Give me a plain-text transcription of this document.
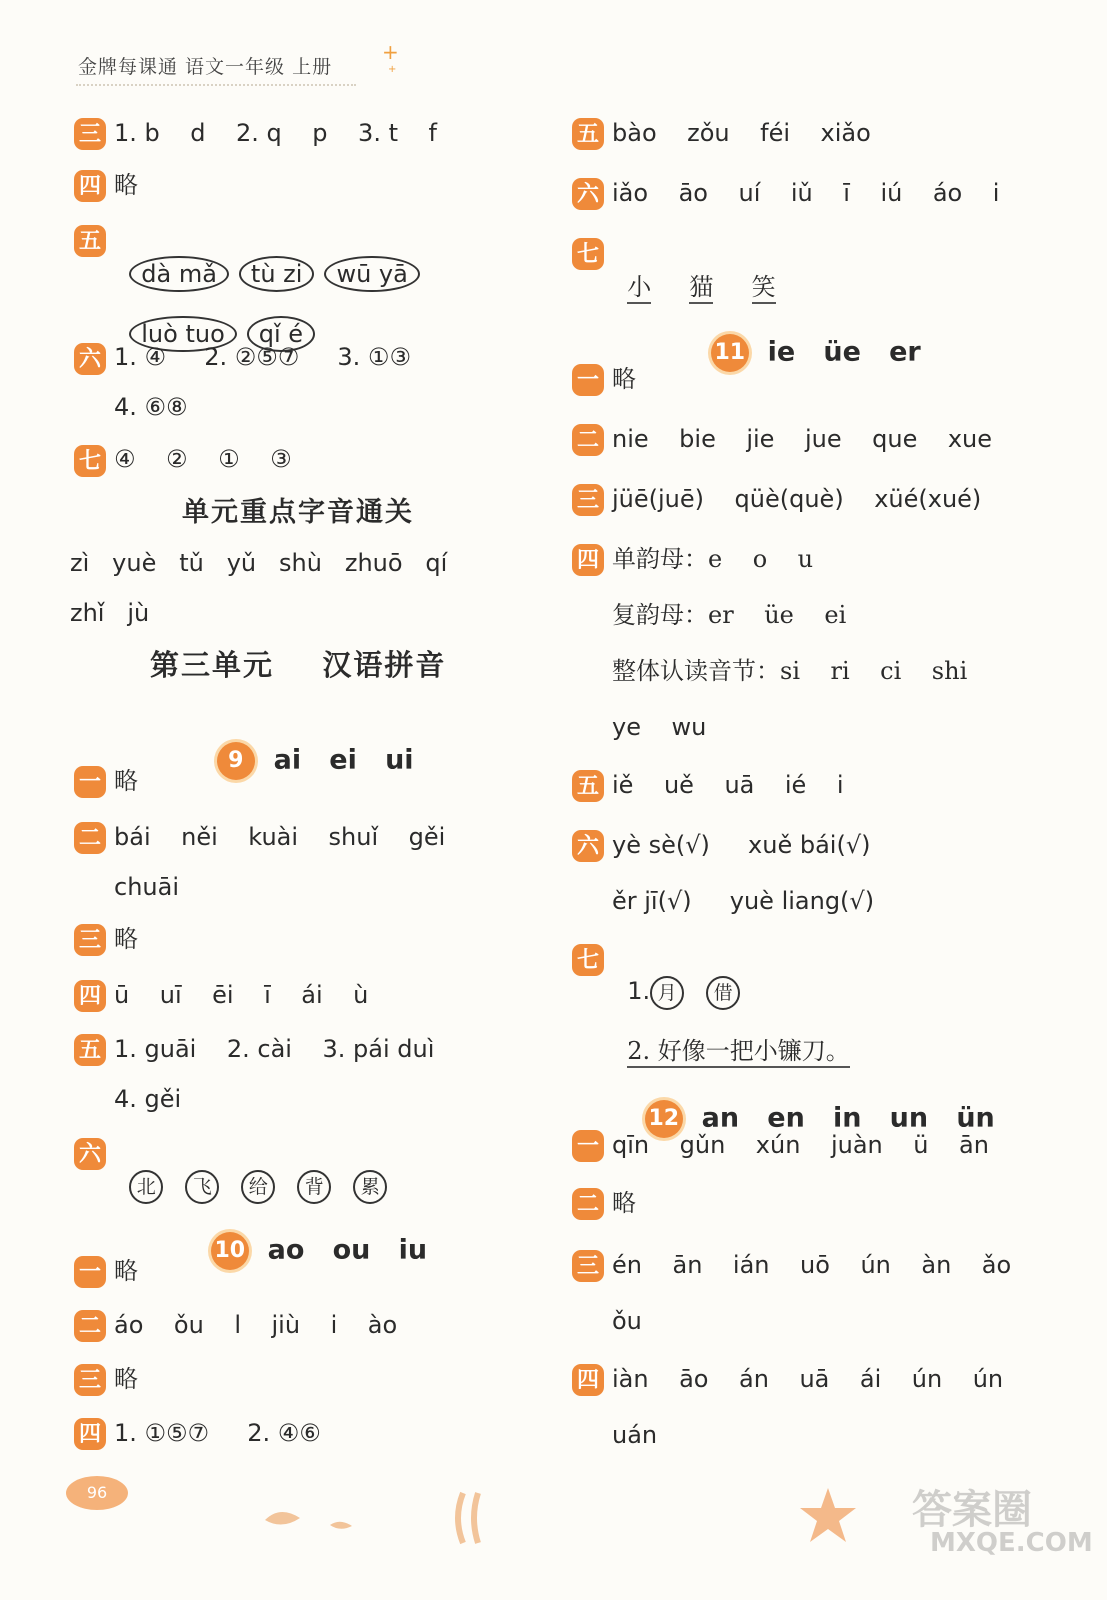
金牌每课通 语文一年级 上册
+
+
三 1. b    d    2. q    p    3. t    f
四 略
五

dà mǎ tù zi wū yā

luò tuo qǐ é

六 1. ④     2. ②⑤⑦     3. ①③
4. ⑥⑧
七 ④    ②    ①    ③
单元重点字音通关
zì   yuè   tǔ   yǔ   shù   zhuō   qí
zhǐ   jù
第三单元    汉语拼音

9 ai   ei   ui

一 略
二 bái    něi    kuài    shuǐ    gěi
chuāi
三 略
四 ū    uī    ēi    ī    ái    ù
五 1. guāi    2. cài    3. pái duì
4. gěi
六

北 飞 给 背 累

10 ao   ou   iu

一 略
二 áo    ǒu    l    jiù    i    ào
三 略
四 1. ①⑤⑦     2. ④⑥
五 bào    zǒu    féi    xiǎo
六 iǎo    āo    uí    iǔ    ī    iú    áo    i
七

小 猫 笑

11 ie   üe   er

一 略
二 nie    bie    jie    jue    que    xue
三 jüē(juē)    qüè(què)    xüé(xué)
四 单韵母：e    o    u
复韵母：er    üe    ei
整体认读音节：si    ri    ci    shi
ye    wu
五 iě    uě    uā    ié    i
六 yè sè(√)     xuě bái(√)
ěr jī(√)     yuè liang(√)
七

1. 月 借

2. 好像一把小镰刀。

12 an   en   in   un   ün

一 qīn    gǔn    xún    juàn    ü    ān
二 略
三 én    ān    ián    uō    ún    àn    ǎo
ǒu
四 iàn    āo    án    uā    ái    ún    ún
uán
96	答案圈
MXQE.COM
